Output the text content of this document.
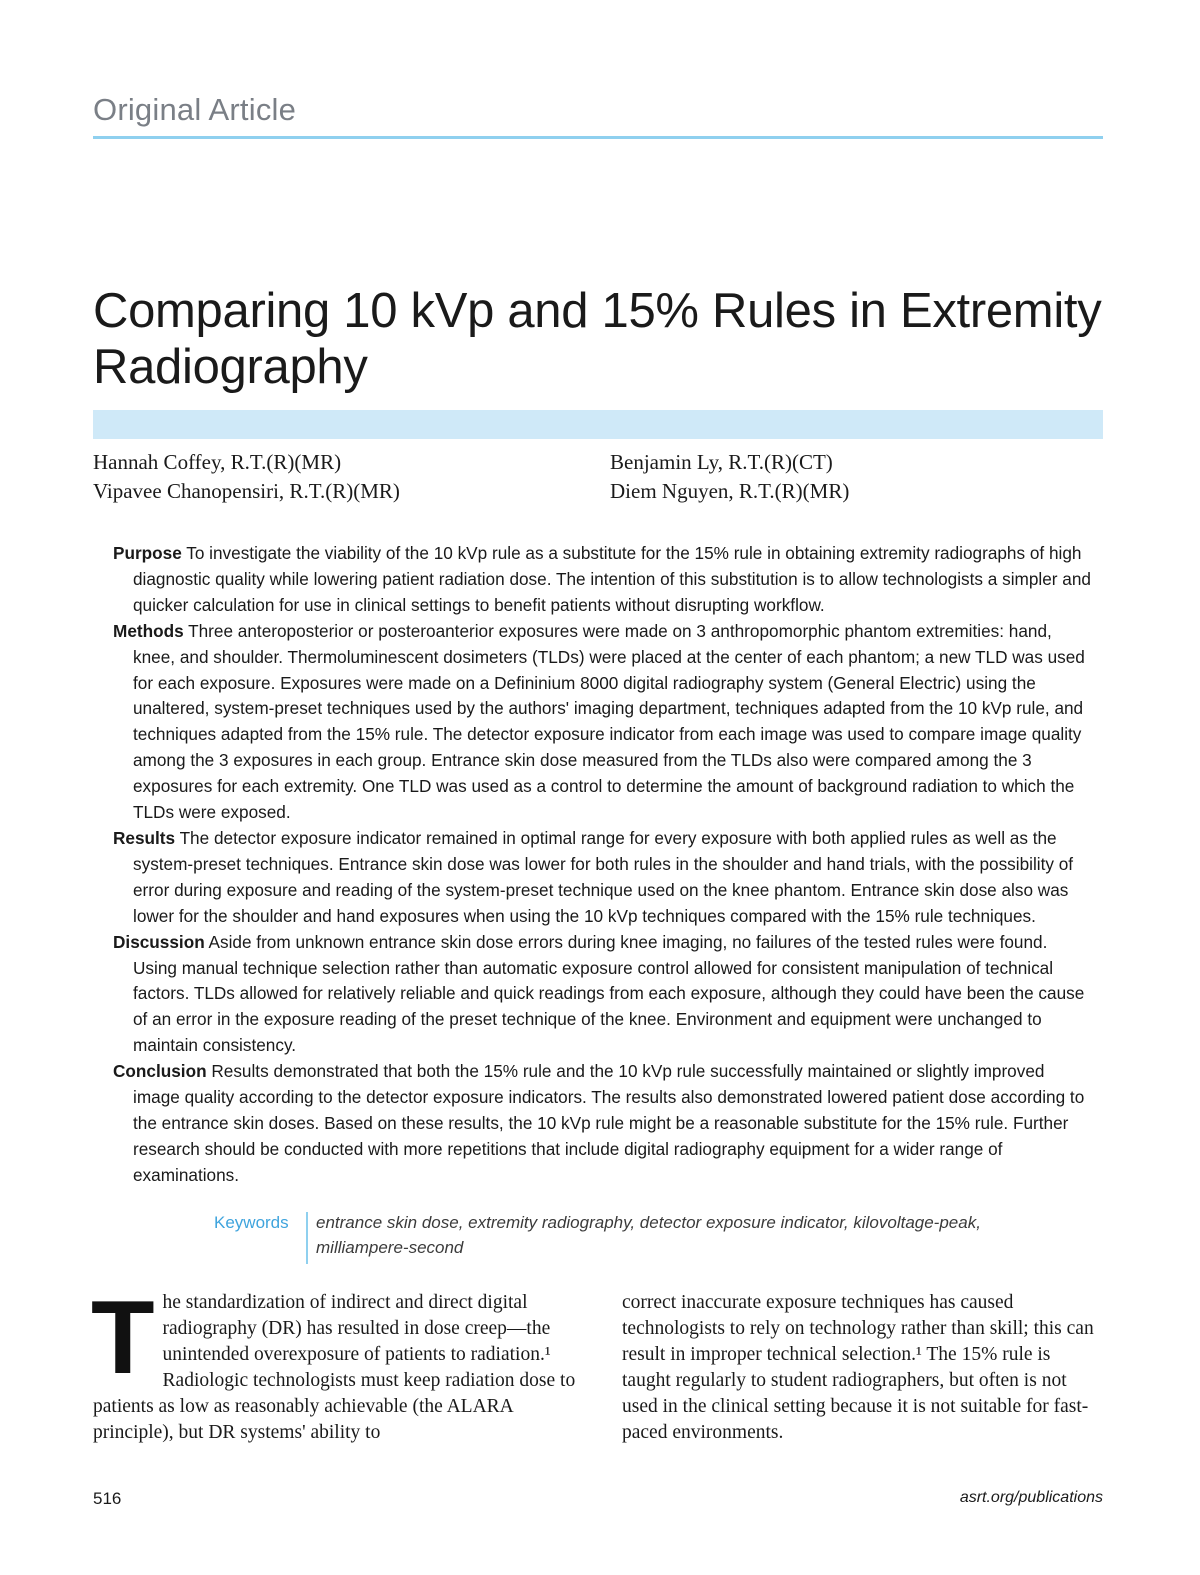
Original Article
Comparing 10 kVp and 15% Rules in Extremity Radiography
Hannah Coffey, R.T.(R)(MR)
Vipavee Chanopensiri, R.T.(R)(MR)
Benjamin Ly, R.T.(R)(CT)
Diem Nguyen, R.T.(R)(MR)

Purpose To investigate the viability of the 10 kVp rule as a substitute for the 15% rule in obtaining extremity radiographs of high diagnostic quality while lowering patient radiation dose. The intention of this substitution is to allow technologists a simpler and quicker calculation for use in clinical settings to benefit patients without disrupting workflow.

Methods Three anteroposterior or posteroanterior exposures were made on 3 anthropomorphic phantom extremities: hand, knee, and shoulder. Thermoluminescent dosimeters (TLDs) were placed at the center of each phantom; a new TLD was used for each exposure. Exposures were made on a Defininium 8000 digital radiography system (General Electric) using the unaltered, system-preset techniques used by the authors' imaging department, techniques adapted from the 10 kVp rule, and techniques adapted from the 15% rule. The detector exposure indicator from each image was used to compare image quality among the 3 exposures in each group. Entrance skin dose measured from the TLDs also were compared among the 3 exposures for each extremity. One TLD was used as a control to determine the amount of background radiation to which the TLDs were exposed.

Results The detector exposure indicator remained in optimal range for every exposure with both applied rules as well as the system-preset techniques. Entrance skin dose was lower for both rules in the shoulder and hand trials, with the possibility of error during exposure and reading of the system-preset technique used on the knee phantom. Entrance skin dose also was lower for the shoulder and hand exposures when using the 10 kVp techniques compared with the 15% rule techniques.

Discussion Aside from unknown entrance skin dose errors during knee imaging, no failures of the tested rules were found. Using manual technique selection rather than automatic exposure control allowed for consistent manipulation of technical factors. TLDs allowed for relatively reliable and quick readings from each exposure, although they could have been the cause of an error in the exposure reading of the preset technique of the knee. Environment and equipment were unchanged to maintain consistency.

Conclusion Results demonstrated that both the 15% rule and the 10 kVp rule successfully maintained or slightly improved image quality according to the detector exposure indicators. The results also demonstrated lowered patient dose according to the entrance skin doses. Based on these results, the 10 kVp rule might be a reasonable substitute for the 15% rule. Further research should be conducted with more repetitions that include digital radiography equipment for a wider range of examinations.

Keywords entrance skin dose, extremity radiography, detector exposure indicator, kilovoltage-peak, milliampere-second
T he standardization of indirect and direct digital radiography (DR) has resulted in dose creep—the unintended overexposure of patients to radiation.¹ Radiologic technologists must keep radiation dose to patients as low as reasonably achievable (the ALARA principle), but DR systems' ability to

correct inaccurate exposure techniques has caused technologists to rely on technology rather than skill; this can result in improper technical selection.¹ The 15% rule is taught regularly to student radiographers, but often is not used in the clinical setting because it is not suitable for fast-paced environments.

516	asrt.org/publications
